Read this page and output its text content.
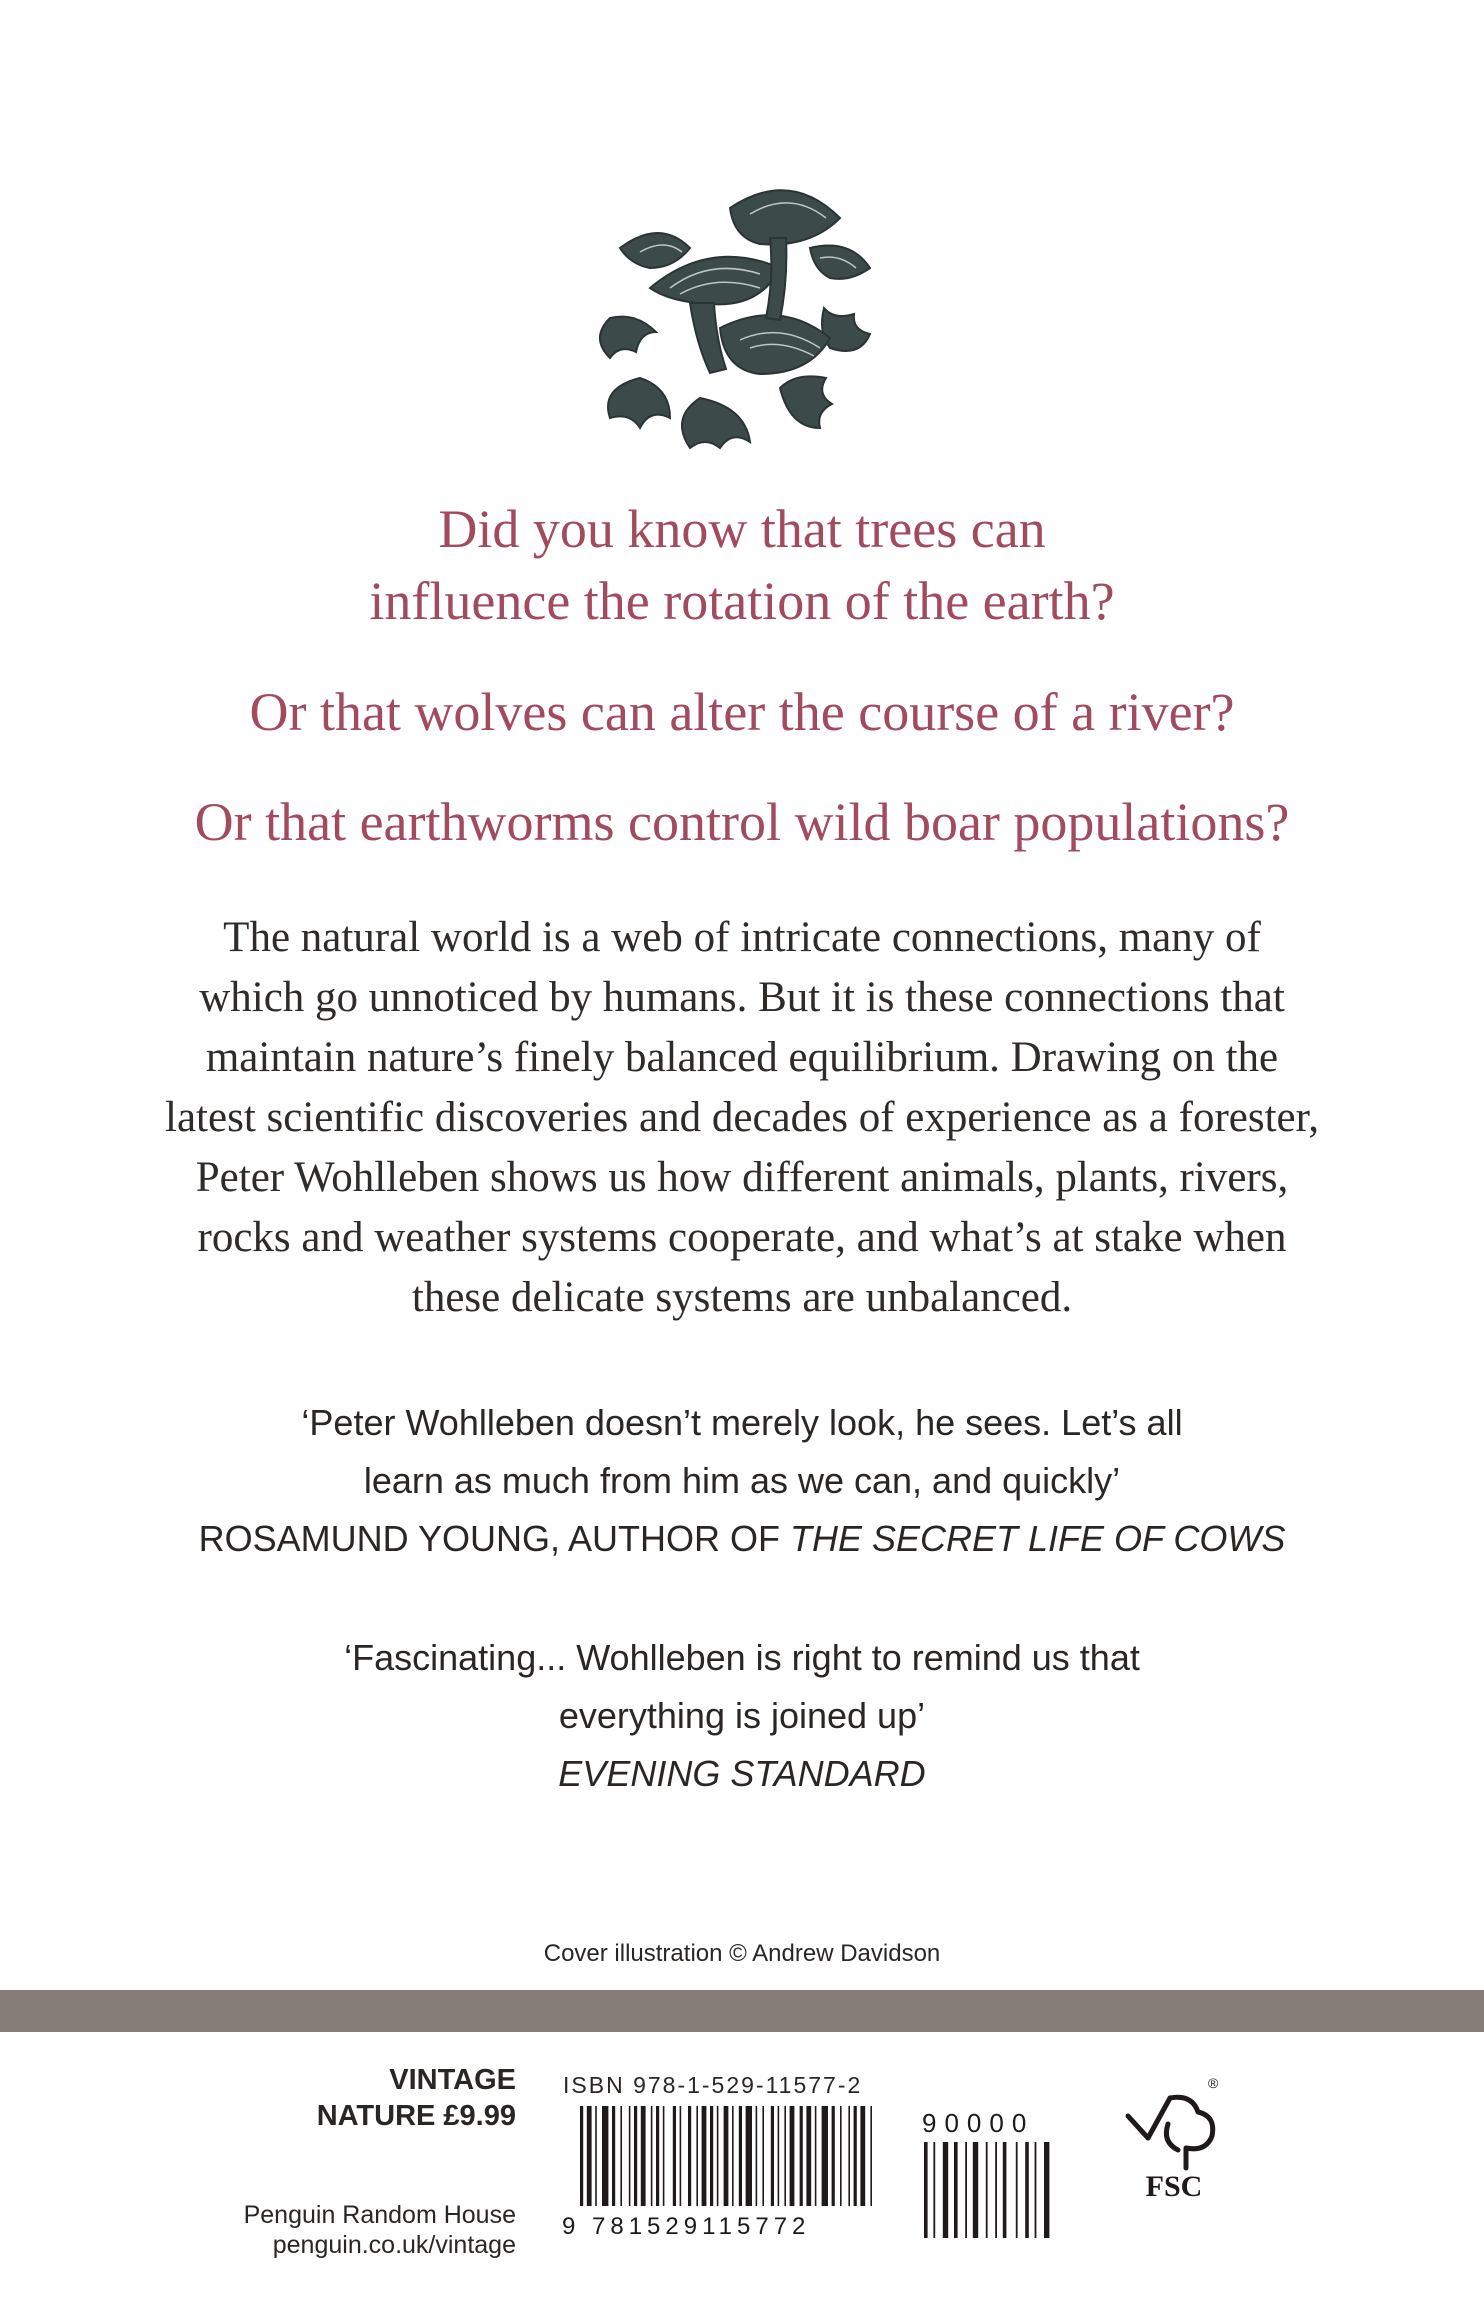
Did you know that trees can
influence the rotation of the earth?

Or that wolves can alter the course of a river?

Or that earthworms control wild boar populations?

The natural world is a web of intricate connections, many of
which go unnoticed by humans. But it is these connections that
maintain nature’s finely balanced equilibrium. Drawing on the
latest scientific discoveries and decades of experience as a forester,
Peter Wohlleben shows us how different animals, plants, rivers,
rocks and weather systems cooperate, and what’s at stake when
these delicate systems are unbalanced.

‘Peter Wohlleben doesn’t merely look, he sees. Let’s all
learn as much from him as we can, and quickly’
ROSAMUND YOUNG, AUTHOR OF THE SECRET LIFE OF COWS

‘Fascinating... Wohlleben is right to remind us that
everything is joined up’
EVENING STANDARD

Cover illustration © Andrew Davidson
VINTAGE
NATURE £9.99
Penguin Random House
penguin.co.uk/vintage
ISBN 978-1-529-11577-2
9 781529115772
90000
®
FSC
